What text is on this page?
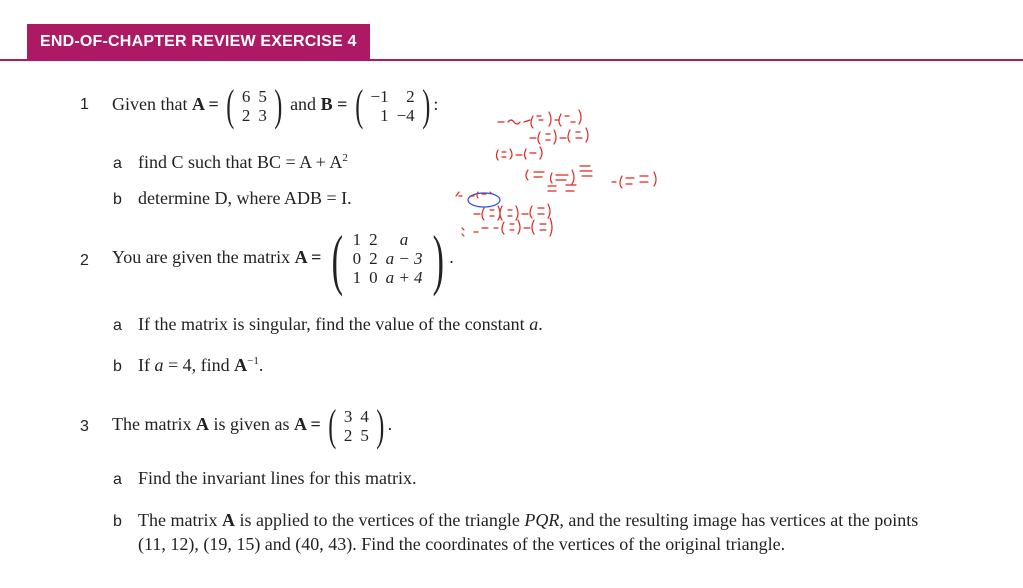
END-OF-CHAPTER REVIEW EXERCISE 4
1 Given that A = ( 6	5
2	3 ) and B = ( −1	2
1	−4 ) :
a find C such that BC = $A + A^2$
b determine D, where ADB = I.
2 You are given the matrix A = ( 1	2	a
0	2	a − 3
1	0	a + 4 ) .
a If the matrix is singular, find the value of the constant a.
b If a = 4, find $A^{-1}$.
3 The matrix A is given as A = ( 3	4
2	5 ) .
a Find the invariant lines for this matrix.
b The matrix A is applied to the vertices of the triangle PQR, and the resulting image has vertices at the points
(11, 12), (19, 15) and (40, 43). Find the coordinates of the vertices of the original triangle.
